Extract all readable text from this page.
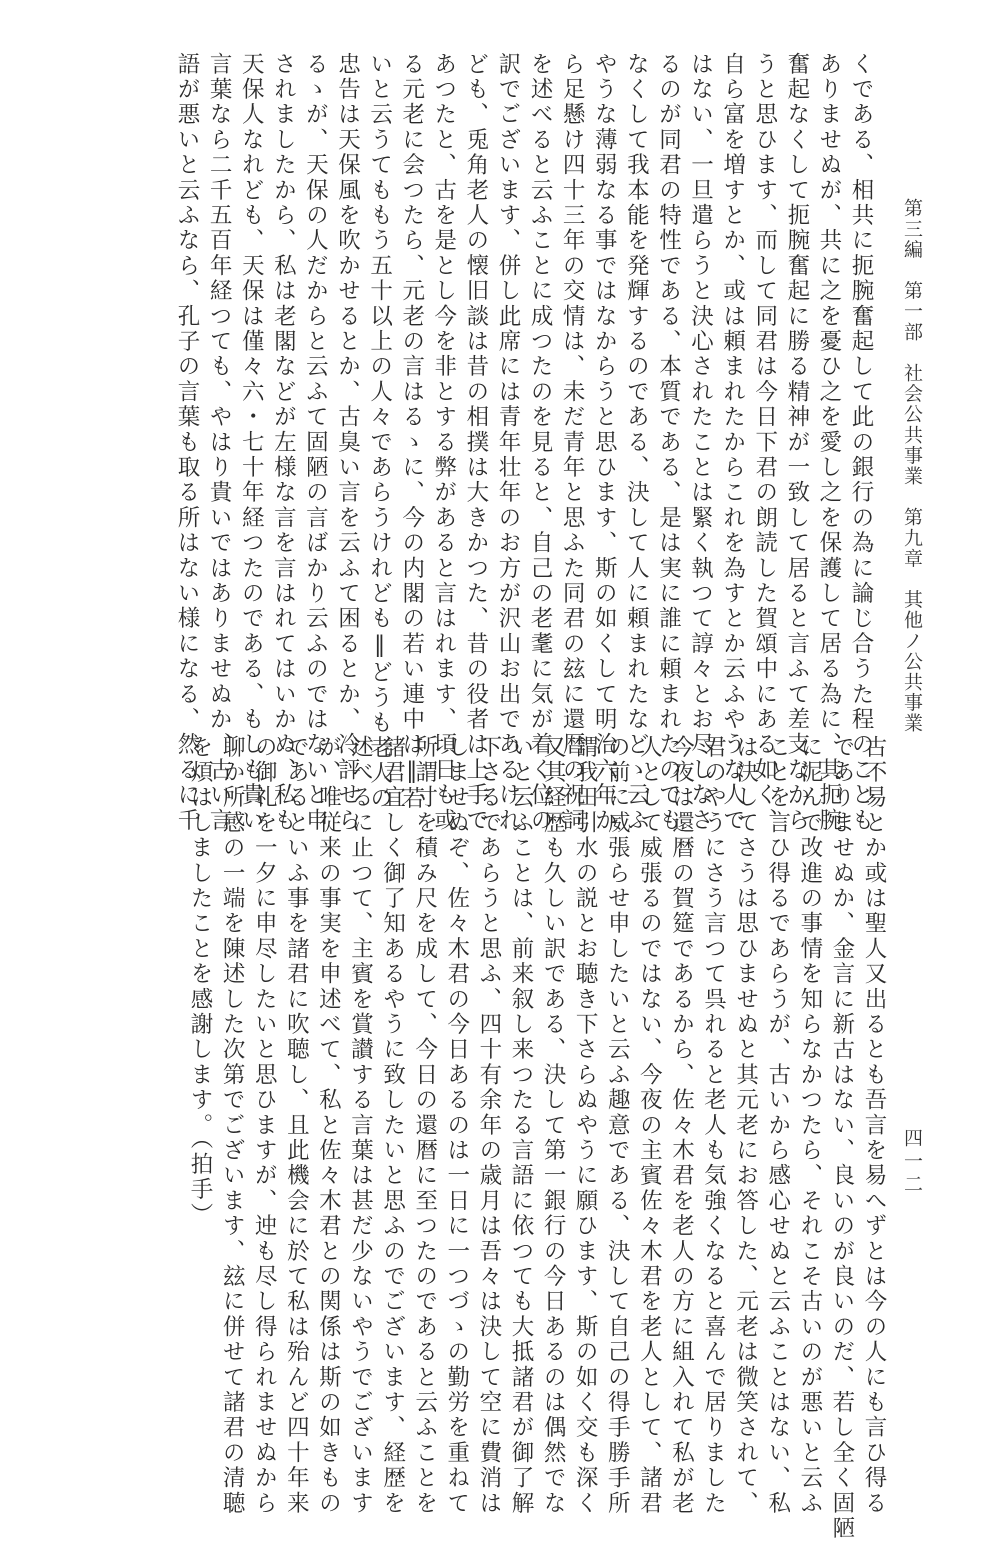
第三編　第一部　社会公共事業　第九章　其他ノ公共事業
四一二
くである、相共に扼腕奮起して此の銀行の為に論じ合うた程のことも
ありませぬが、共に之を憂ひ之を愛し之を保護して居る為に、其扼腕
奮起なくして扼腕奮起に勝る精神が一致して居ると言ふて差支なから
うと思ひます、而して同君は今日下君の朗読した賀頌中にある如く、
自ら富を増すとか、或は頼まれたからこれを為すとか云ふやうな人で
はない、一旦遣らうと決心されたことは緊く執つて諄々とお尽しなさ
るのが同君の特性である、本質である、是は実に誰に頼まれたのでも
なくして我本能を発輝するのである、決して人に頼まれたなどゝ云ふ
やうな薄弱なる事ではなからうと思ひます、斯の如くして明治六年か
ら足懸け四十三年の交情は、未だ青年と思ふた同君の玆に還暦の祝詞
を述べると云ふことに成つたのを見ると、自己の老耄に気が着く位の
訳でございます、併し此席には青年壮年のお方が沢山お出であるけれ
ども、兎角老人の懐旧談は昔の相撲は大きかつた、昔の役者は上手で
あつたと、古を是とし今を非とする弊があると言はれます、頃日も或
る元老に会つたら、元老の言はるゝに、今の内閣の若い連中は‖若
いと云うてももう五十以上の人々であらうけれども‖どうも老人の
忠告は天保風を吹かせるとか、古臭い言を云ふて困るとか、冷評せら
るゝが、天保の人だからと云ふて固陋の言ばかり云ふのではないと申
されましたから、私は老閣などが左様な言を言はれてはいかぬ、私も
天保人なれども、天保は僅々六・七十年経つたのである、もしも貴い
言葉なら二千五百年経つても、やはり貴いではありませぬか、古い言
語が悪いと云ふなら、孔子の言葉も取る所はない様になる、然るに千
古不易とか或は聖人又出るとも吾言を易へずとは今の人にも言ひ得る
でありませぬか、金言に新古はない、良いのが良いのだ、若し全く固陋
に泥んで改進の事情を知らなかつたら、それこそ古いのが悪いと云ふ
ことを言ひ得るであらうが、古いから感心せぬと云ふことはない、私
は決してさうは思ひませぬと其元老にお答した、元老は微笑されて、
君のやうにさう言つて呉れると老人も気強くなると喜んで居りました
今夜は還暦の賀筵であるから、佐々木君を老人の方に組入れて私が老
人として威張るのではない、今夜の主賓佐々木君を老人として、諸君
の前に威張らせ申したいと云ふ趣意である、決して自己の得手勝手所
謂我田引水の説とお聴き下さらぬやうに願ひます、斯の如く交も深く
又其経歴も久しい訳である、決して第一銀行の今日あるのは偶然でな
いと云ふことは、前来叙し来つたる言語に依つても大抵諸君が御了解
下さるであらうと思ふ、四十有余年の歳月は吾々は決して空に費消は
しませぬぞ、佐々木君の今日あるのは一日に一つづゝの勤労を重ねて
所謂寸を積み尺を成して、今日の還暦に至つたのであると云ふことを
諸君宜しく御了知あるやうに致したいと思ふのでございます、経歴を
述べるに止つて、主賓を賞讃する言葉は甚だ少ないやうでございます
が、唯従来の事実を申述べて、私と佐々木君との関係は斯の如きもの
であるといふ事を諸君に吹聴し、且此機会に於て私は殆んど四十年来
の御礼を一夕に申尽したいと思ひますが、迚も尽し得られませぬから
聊か所感の一端を陳述した次第でございます、玆に併せて諸君の清聴
を煩はしましたことを感謝します。（拍手）
